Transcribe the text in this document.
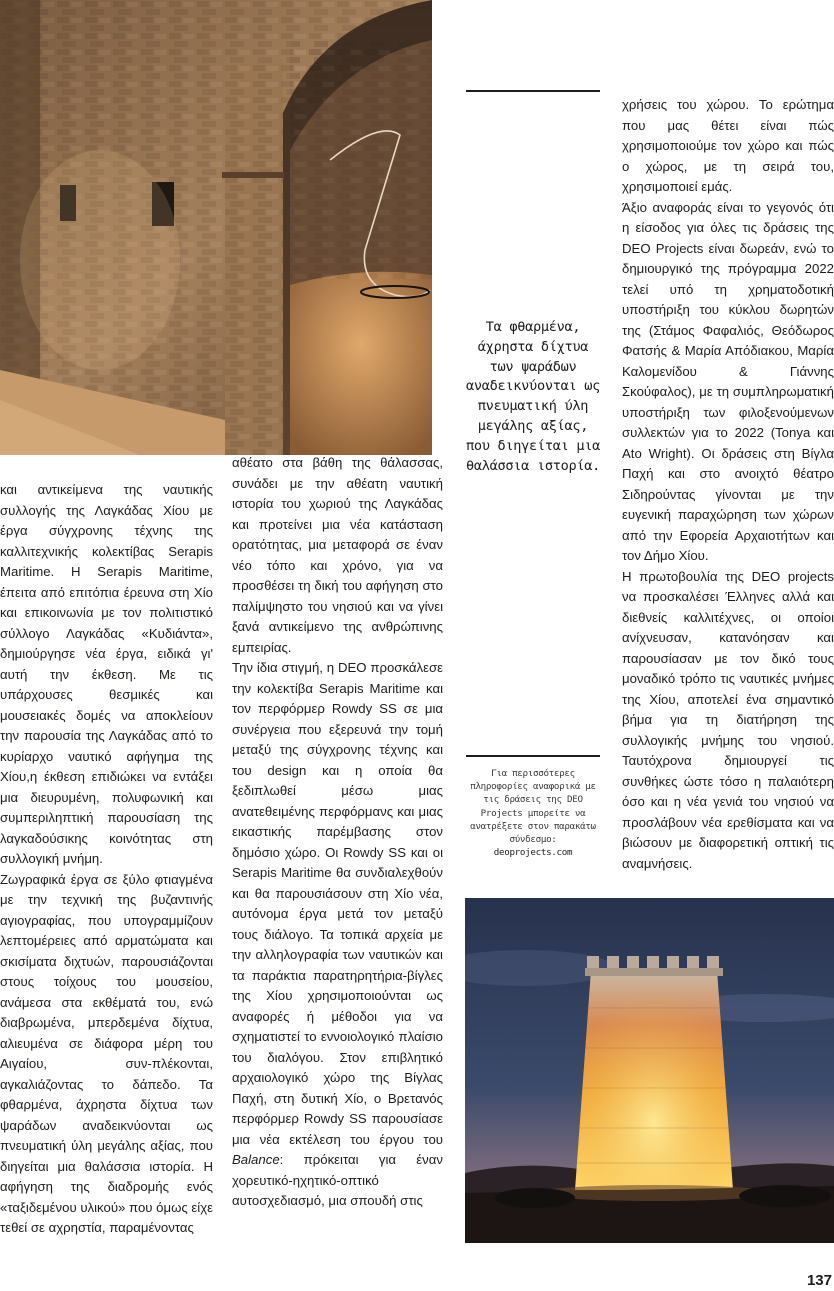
και αντικείμενα της ναυτικής συλλογής της Λαγκάδας Χίου με έργα σύγχρονης τέχνης της καλλιτεχνικής κολεκτίβας Serapis Maritime. Η Serapis Maritime, έπειτα από επιτόπια έρευνα στη Χίο και επικοινωνία με τον πολιτιστικό σύλλογο Λαγκάδας «Κυδιάντα», δημιούργησε νέα έργα, ειδικά γι' αυτή την έκθεση. Με τις υπάρχουσες θεσμικές και μουσειακές δομές να αποκλείουν την παρουσία της Λαγκάδας από το κυρίαρχο ναυτικό αφήγημα της Χίου,η έκθεση επιδιώκει να εντάξει μια διευρυμένη, πολυφωνική και συμπεριληπτική παρουσίαση της λαγκαδούσικης κοινότητας στη συλλογική μνήμη.

Ζωγραφικά έργα σε ξύλο φτιαγμένα με την τεχνική της βυζαντινής αγιογραφίας, που υπογραμμίζουν λεπτομέρειες από αρματώματα και σκισίματα διχτυών, παρουσιάζονται στους τοίχους του μουσείου, ανάμεσα στα εκθέματά του, ενώ διαβρωμένα, μπερδεμένα δίχτυα, αλιευμένα σε διάφορα μέρη του Αιγαίου, συν-πλέκονται, αγκαλιάζοντας το δάπεδο. Τα φθαρμένα, άχρηστα δίχτυα των ψαράδων αναδεικνύονται ως πνευματική ύλη μεγάλης αξίας, που διηγείται μια θαλάσσια ιστορία. Η αφήγηση της διαδρομής ενός «ταξιδεμένου υλικού» που όμως είχε τεθεί σε αχρηστία, παραμένοντας

αθέατο στα βάθη της θάλασσας, συνάδει με την αθέατη ναυτική ιστορία του χωριού της Λαγκάδας και προτείνει μια νέα κατάσταση ορατότητας, μια μεταφορά σε έναν νέο τόπο και χρόνο, για να προσθέσει τη δική του αφήγηση στο παλίμψηστο του νησιού και να γίνει ξανά αντικείμενο της ανθρώπινης εμπειρίας.

Την ίδια στιγμή, η DEO προσκάλεσε την κολεκτίβα Serapis Maritime και τον περφόρμερ Rowdy SS σε μια συνέργεια που εξερευνά την τομή μεταξύ της σύγχρονης τέχνης και του design και η οποία θα ξεδιπλωθεί μέσω μιας ανατεθειμένης περφόρμανς και μιας εικαστικής παρέμβασης στον δημόσιο χώρο. Οι Rowdy SS και οι Serapis Maritime θα συνδιαλεχθούν και θα παρουσιάσουν στη Χίο νέα, αυτόνομα έργα μετά τον μεταξύ τους διάλογο. Τα τοπικά αρχεία με την αλληλογραφία των ναυτικών και τα παράκτια παρατηρητήρια-βίγλες της Χίου χρησιμοποιούνται ως αναφορές ή μέθοδοι για να σχηματιστεί το εννοιολογικό πλαίσιο του διαλόγου. Στον επιβλητικό αρχαιολογικό χώρο της Βίγλας Παχή, στη δυτική Χίο, ο Βρετανός περφόρμερ Rowdy SS παρουσίασε μια νέα εκτέλεση του έργου του Balance: πρόκειται για έναν χορευτικό-ηχητικό-οπτικό αυτοσχεδιασμό, μια σπουδή στις

Τα φθαρμένα, άχρηστα δίχτυα των ψαράδων αναδεικνύονται ως πνευματική ύλη μεγάλης αξίας, που διηγείται μια θαλάσσια ιστορία.
Για περισσότερες πληροφορίες αναφορικά με τις δράσεις της DEO Projects μπορείτε να ανατρέξετε στον παρακάτω σύνδεσμο:
deoprojects.com

χρήσεις του χώρου. Το ερώτημα που μας θέτει είναι πώς χρησιμοποιούμε τον χώρο και πώς ο χώρος, με τη σειρά του, χρησιμοποιεί εμάς.

Άξιο αναφοράς είναι το γεγονός ότι η είσοδος για όλες τις δράσεις της DEO Projects είναι δωρεάν, ενώ το δημιουργικό της πρόγραμμα 2022 τελεί υπό τη χρηματοδοτική υποστήριξη του κύκλου δωρητών της (Στάμος Φαφαλιός, Θεόδωρος Φατσής & Μαρία Απόδιακου, Μαρία Καλομενίδου & Γιάννης Σκούφαλος), με τη συμπληρωματική υποστήριξη των φιλοξενούμενων συλλεκτών για το 2022 (Tonya και Ato Wright). Οι δράσεις στη Βίγλα Παχή και στο ανοιχτό θέατρο Σιδηρούντας γίνονται με την ευγενική παραχώρηση των χώρων από την Εφορεία Αρχαιοτήτων και τον Δήμο Χίου.

Η πρωτοβουλία της DEO projects να προσκαλέσει Έλληνες αλλά και διεθνείς καλλιτέχνες, οι οποίοι ανίχνευσαν, κατανόησαν και παρουσίασαν με τον δικό τους μοναδικό τρόπο τις ναυτικές μνήμες της Χίου, αποτελεί ένα σημαντικό βήμα για τη διατήρηση της συλλογικής μνήμης του νησιού. Ταυτόχρονα δημιουργεί τις συνθήκες ώστε τόσο η παλαιότερη όσο και η νέα γενιά του νησιού να προσλάβουν νέα ερεθίσματα και να βιώσουν με διαφορετική οπτική τις αναμνήσεις.

137
